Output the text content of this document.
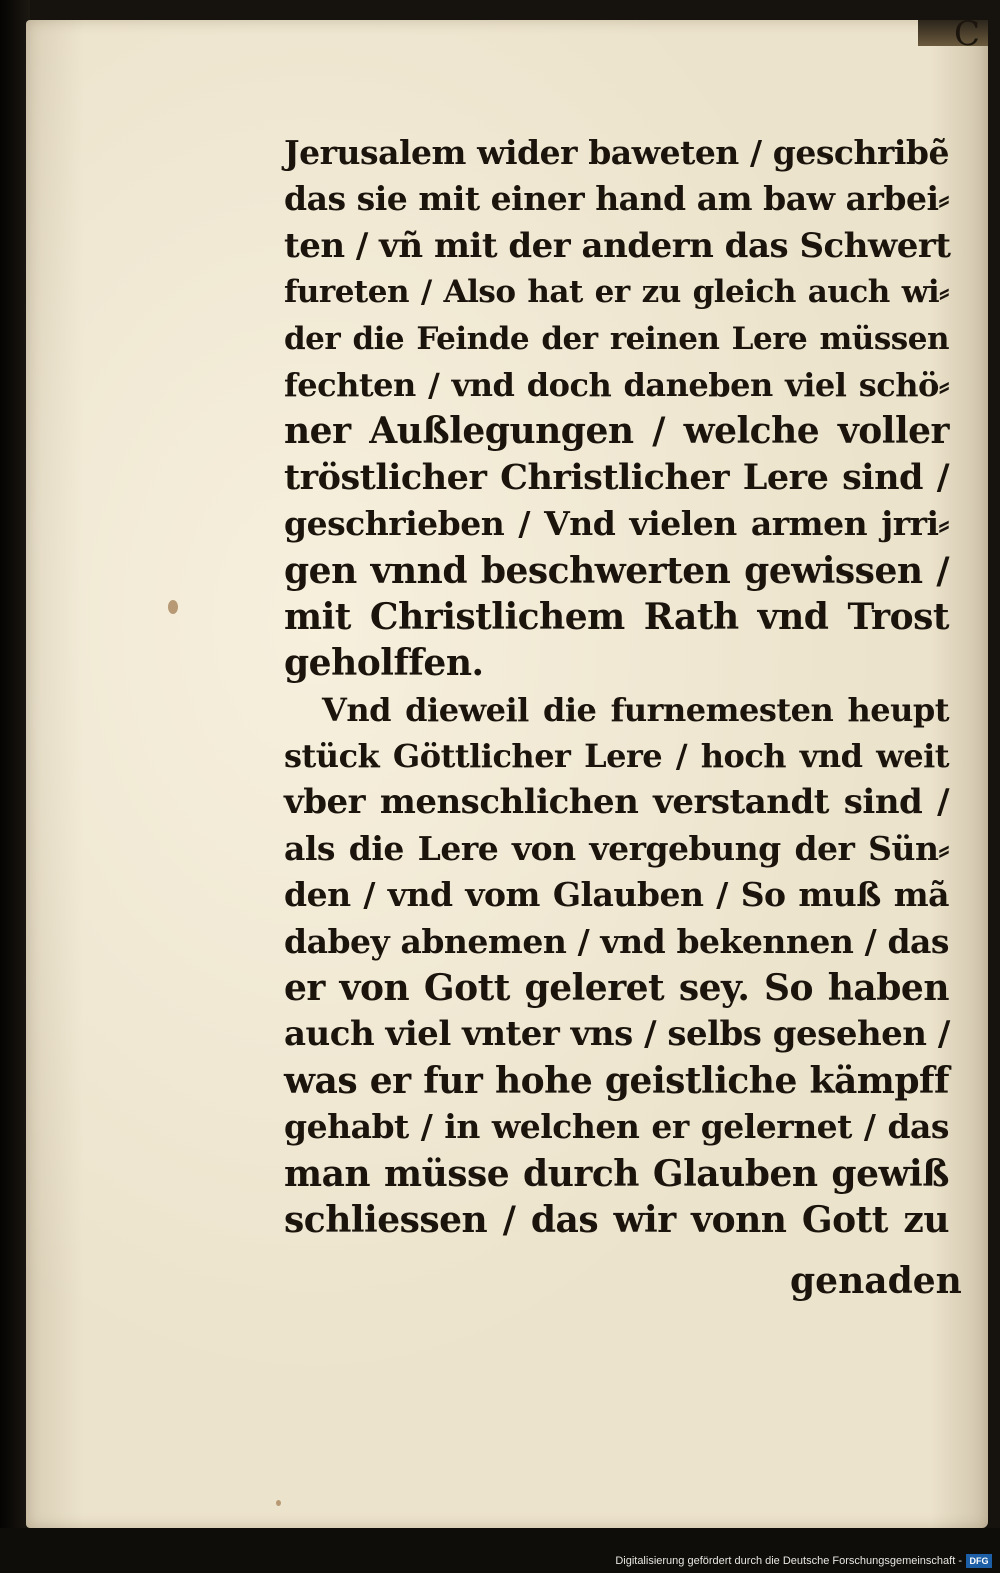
C
Jerusalem wider baweten / geschribẽ
das sie mit einer hand am baw arbei⸗
ten / vñ mit der andern das Schwert
fureten / Also hat er zu gleich auch wi⸗
der die Feinde der reinen Lere müssen
fechten / vnd doch daneben viel schö⸗
ner Außlegungen / welche voller
tröstlicher Christlicher Lere sind /
geschrieben / Vnd vielen armen jrri⸗
gen vnnd beschwerten gewissen /
mit Christlichem Rath vnd Trost
geholffen.
Vnd dieweil die furnemesten heupt
stück Göttlicher Lere / hoch vnd weit
vber menschlichen verstandt sind /
als die Lere von vergebung der Sün⸗
den / vnd vom Glauben / So muß mã
dabey abnemen / vnd bekennen / das
er von Gott geleret sey. So haben
auch viel vnter vns / selbs gesehen /
was er fur hohe geistliche kämpff
gehabt / in welchen er gelernet / das
man müsse durch Glauben gewiß
schliessen / das wir vonn Gott zu
genaden
Digitalisierung gefördert durch die Deutsche Forschungsgemeinschaft - DFG
